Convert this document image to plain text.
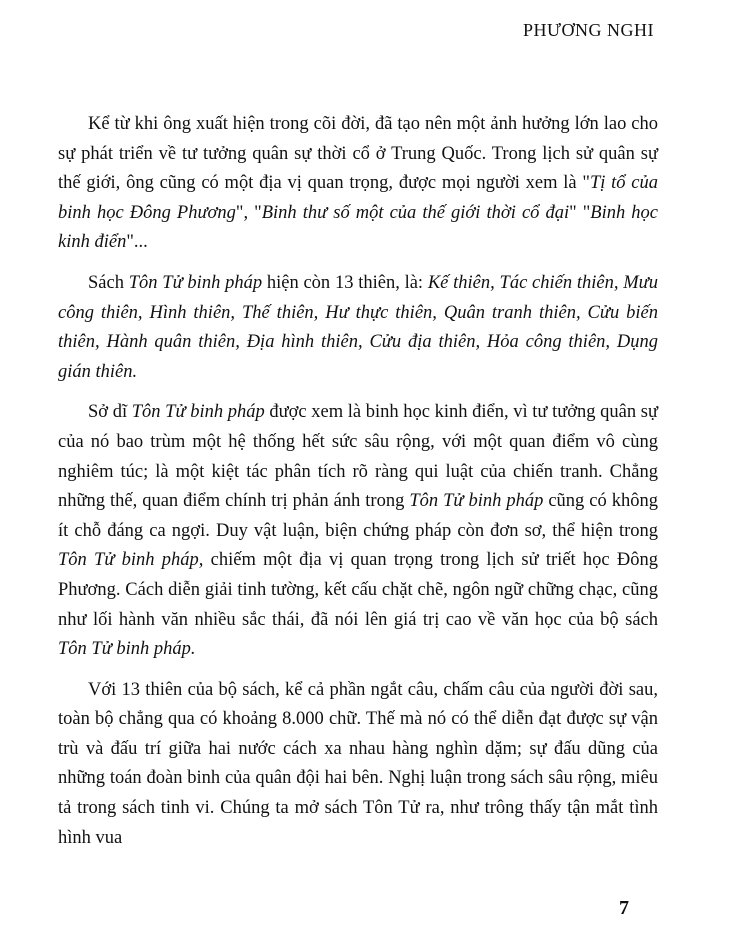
PHƯƠNG NGHI

Kể từ khi ông xuất hiện trong cõi đời, đã tạo nên một ảnh hưởng lớn lao cho sự phát triển về tư tưởng quân sự thời cổ ở Trung Quốc. Trong lịch sử quân sự thế giới, ông cũng có một địa vị quan trọng, được mọi người xem là "Tị tổ của binh học Đông Phương", "Binh thư số một của thế giới thời cổ đại" "Binh học kinh điển"...

Sách Tôn Tử binh pháp hiện còn 13 thiên, là: Kế thiên, Tác chiến thiên, Mưu công thiên, Hình thiên, Thế thiên, Hư thực thiên, Quân tranh thiên, Cửu biến thiên, Hành quân thiên, Địa hình thiên, Cửu địa thiên, Hỏa công thiên, Dụng gián thiên.

Sở dĩ Tôn Tử binh pháp được xem là binh học kinh điển, vì tư tưởng quân sự của nó bao trùm một hệ thống hết sức sâu rộng, với một quan điểm vô cùng nghiêm túc; là một kiệt tác phân tích rõ ràng qui luật của chiến tranh. Chẳng những thế, quan điểm chính trị phản ánh trong Tôn Tử binh pháp cũng có không ít chỗ đáng ca ngợi. Duy vật luận, biện chứng pháp còn đơn sơ, thể hiện trong Tôn Tử binh pháp, chiếm một địa vị quan trọng trong lịch sử triết học Đông Phương. Cách diễn giải tinh tường, kết cấu chặt chẽ, ngôn ngữ chững chạc, cũng như lối hành văn nhiều sắc thái, đã nói lên giá trị cao về văn học của bộ sách Tôn Tử binh pháp.

Với 13 thiên của bộ sách, kể cả phần ngắt câu, chấm câu của người đời sau, toàn bộ chẳng qua có khoảng 8.000 chữ. Thế mà nó có thể diễn đạt được sự vận trù và đấu trí giữa hai nước cách xa nhau hàng nghìn dặm; sự đấu dũng của những toán đoàn binh của quân đội hai bên. Nghị luận trong sách sâu rộng, miêu tả trong sách tinh vi. Chúng ta mở sách Tôn Tử ra, như trông thấy tận mắt tình hình vua

7
